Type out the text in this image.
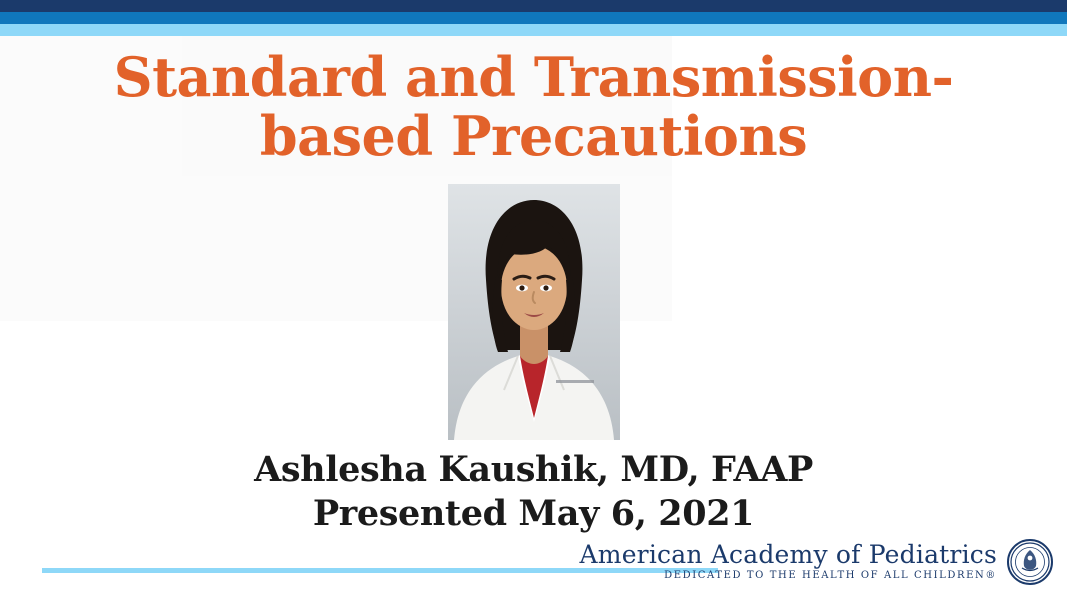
Standard and Transmission-based Precautions
Ashlesha Kaushik, MD, FAAP
Presented May 6, 2021
American Academy of Pediatrics
DEDICATED TO THE HEALTH OF ALL CHILDREN®
